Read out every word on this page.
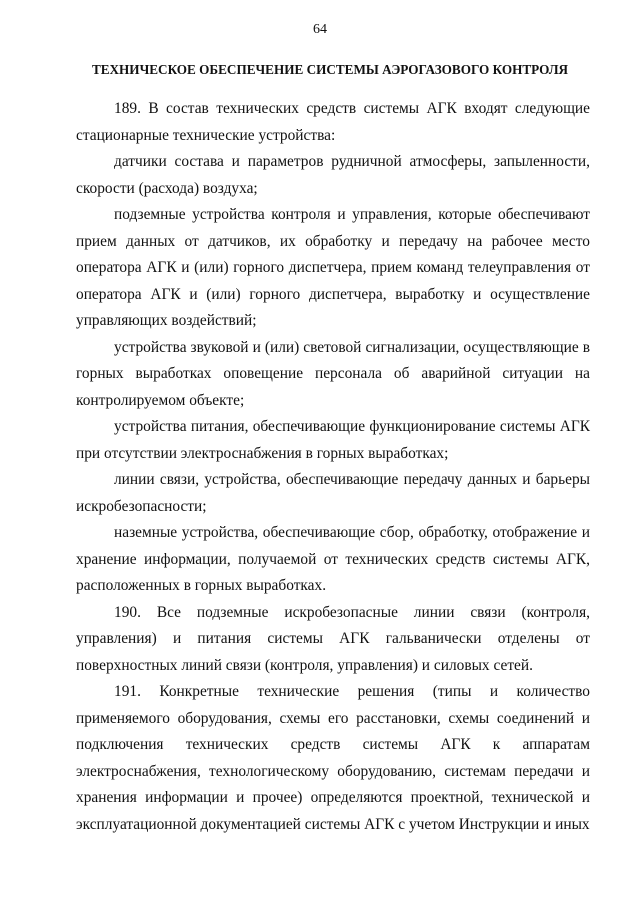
64
ТЕХНИЧЕСКОЕ ОБЕСПЕЧЕНИЕ СИСТЕМЫ АЭРОГАЗОВОГО КОНТРОЛЯ

189. В состав технических средств системы АГК входят следующие стационарные технические устройства:

датчики состава и параметров рудничной атмосферы, запыленности, скорости (расхода) воздуха;

подземные устройства контроля и управления, которые обеспечивают прием данных от датчиков, их обработку и передачу на рабочее место оператора АГК и (или) горного диспетчера, прием команд телеуправления от оператора АГК и (или) горного диспетчера, выработку и осуществление управляющих воздействий;

устройства звуковой и (или) световой сигнализации, осуществляющие в горных выработках оповещение персонала об аварийной ситуации на контролируемом объекте;

устройства питания, обеспечивающие функционирование системы АГК при отсутствии электроснабжения в горных выработках;

линии связи, устройства, обеспечивающие передачу данных и барьеры искробезопасности;

наземные устройства, обеспечивающие сбор, обработку, отображение и хранение информации, получаемой от технических средств системы АГК, расположенных в горных выработках.

190. Все подземные искробезопасные линии связи (контроля, управления) и питания системы АГК гальванически отделены от поверхностных линий связи (контроля, управления) и силовых сетей.

191. Конкретные технические решения (типы и количество применяемого оборудования, схемы его расстановки, схемы соединений и подключения технических средств системы АГК к аппаратам электроснабжения, технологическому оборудованию, системам передачи и хранения информации и прочее) определяются проектной, технической и эксплуатационной документацией системы АГК с учетом Инструкции и иных
